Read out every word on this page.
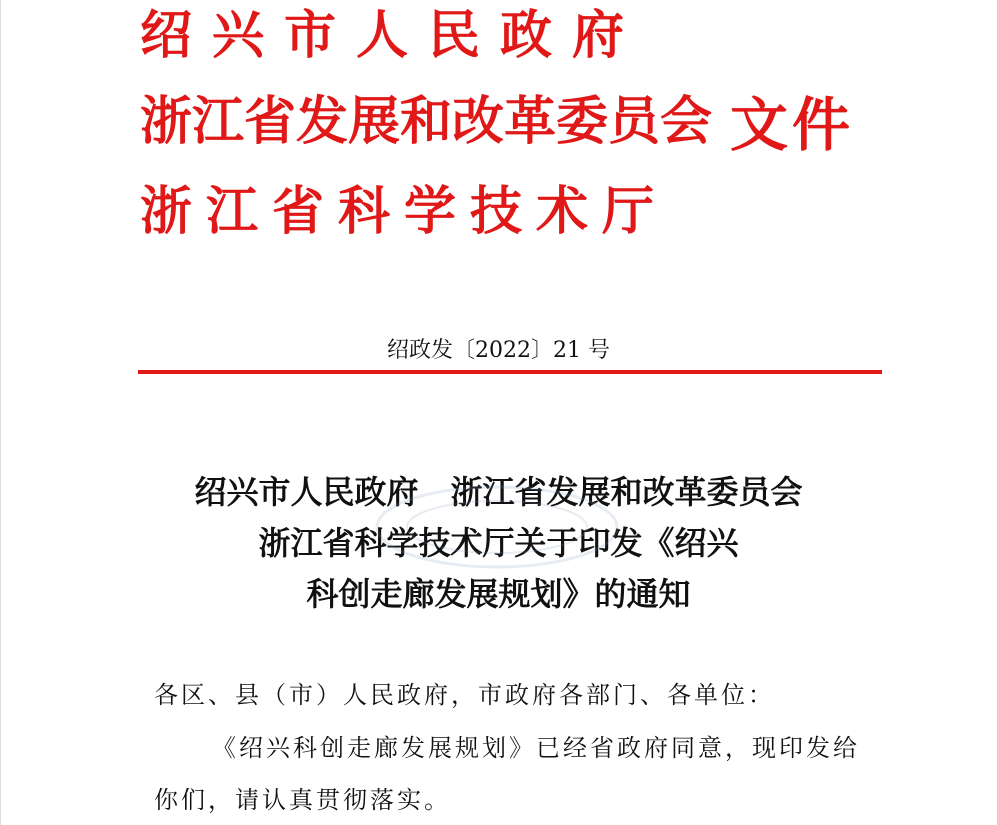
绍兴市人民政府
浙江省发展和改革委员会
浙江省科学技术厅
文件
绍政发〔2022〕21 号
绍兴市人民政府　浙江省发展和改革委员会
浙江省科学技术厅关于印发《绍兴
科创走廊发展规划》的通知
各区、县（市）人民政府，市政府各部门、各单位：
《绍兴科创走廊发展规划》已经省政府同意，现印发给
你们，请认真贯彻落实。
